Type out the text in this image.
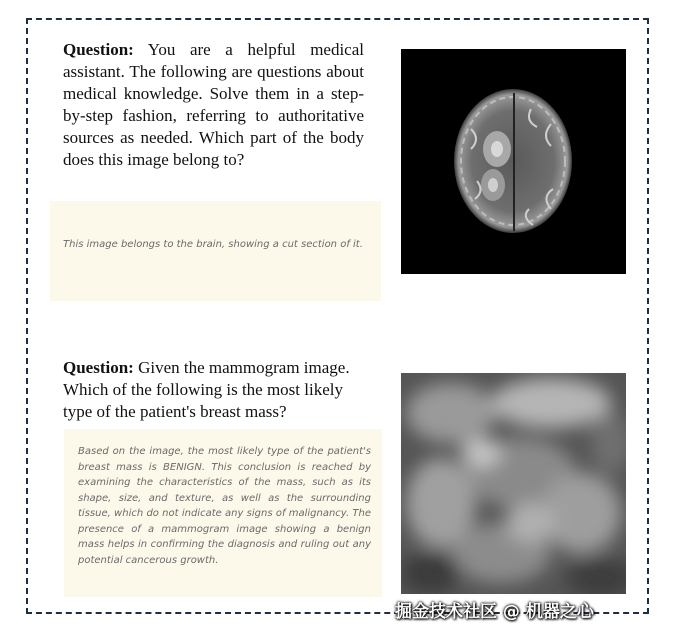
Question: You are a helpful medical assistant. The following are questions about medical knowledge. Solve them in a step-by-step fashion, referring to authoritative sources as needed. Which part of the body does this image belong to?
This image belongs to the brain, showing a cut section of it.
Question: Given the mammogram image. Which of the following is the most likely type of the patient's breast mass?
Based on the image, the most likely type of the patient's breast mass is BENIGN. This conclusion is reached by examining the characteristics of the mass, such as its shape, size, and texture, as well as the surrounding tissue, which do not indicate any signs of malignancy. The presence of a mammogram image showing a benign mass helps in confirming the diagnosis and ruling out any potential cancerous growth.
掘金技术社区 @ 机器之心
